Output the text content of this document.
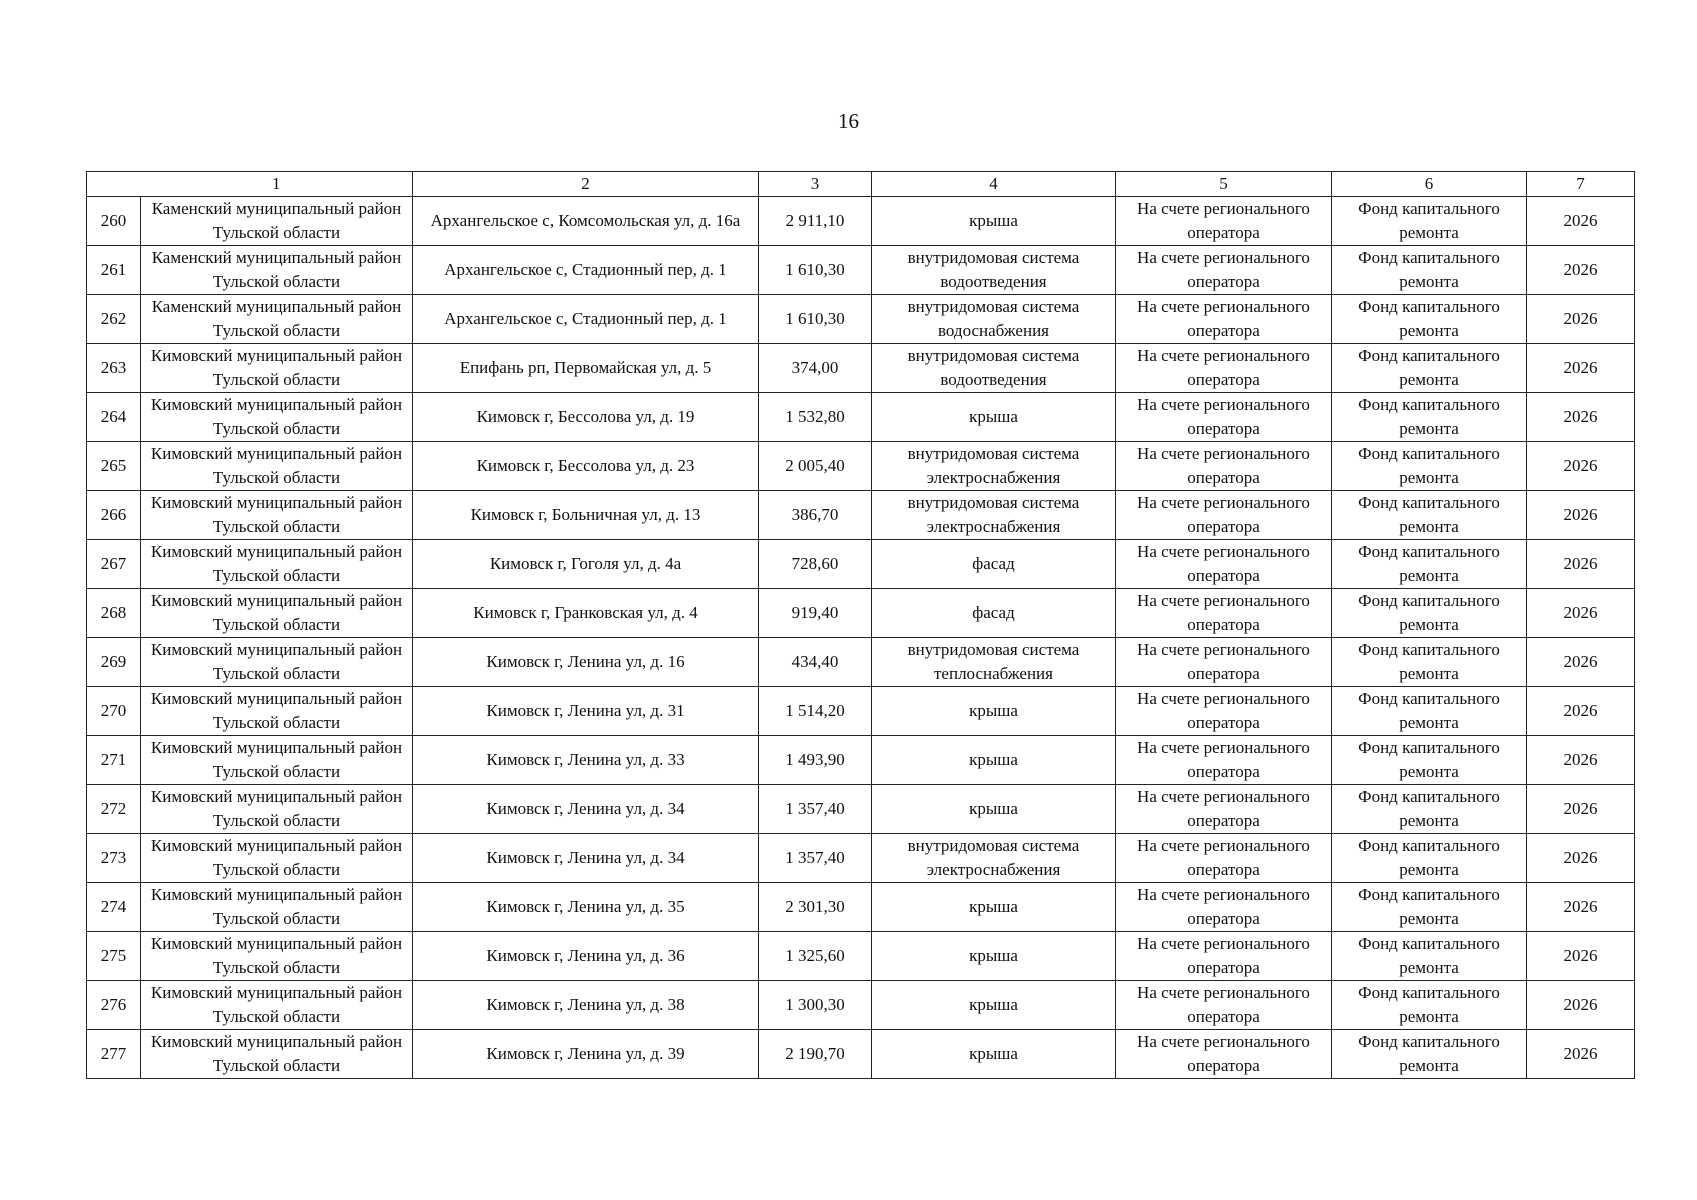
16
	1	2	3	4	5	6	7
260	Каменский муниципальный район Тульской области	Архангельское с, Комсомольская ул, д. 16а	2 911,10	крыша	На счете регионального оператора	Фонд капитального ремонта	2026
261	Каменский муниципальный район Тульской области	Архангельское с, Стадионный пер, д. 1	1 610,30	внутридомовая система водоотведения	На счете регионального оператора	Фонд капитального ремонта	2026
262	Каменский муниципальный район Тульской области	Архангельское с, Стадионный пер, д. 1	1 610,30	внутридомовая система водоснабжения	На счете регионального оператора	Фонд капитального ремонта	2026
263	Кимовский муниципальный район Тульской области	Епифань рп, Первомайская ул, д. 5	374,00	внутридомовая система водоотведения	На счете регионального оператора	Фонд капитального ремонта	2026
264	Кимовский муниципальный район Тульской области	Кимовск г, Бессолова ул, д. 19	1 532,80	крыша	На счете регионального оператора	Фонд капитального ремонта	2026
265	Кимовский муниципальный район Тульской области	Кимовск г, Бессолова ул, д. 23	2 005,40	внутридомовая система электроснабжения	На счете регионального оператора	Фонд капитального ремонта	2026
266	Кимовский муниципальный район Тульской области	Кимовск г, Больничная ул, д. 13	386,70	внутридомовая система электроснабжения	На счете регионального оператора	Фонд капитального ремонта	2026
267	Кимовский муниципальный район Тульской области	Кимовск г, Гоголя ул, д. 4а	728,60	фасад	На счете регионального оператора	Фонд капитального ремонта	2026
268	Кимовский муниципальный район Тульской области	Кимовск г, Гранковская ул, д. 4	919,40	фасад	На счете регионального оператора	Фонд капитального ремонта	2026
269	Кимовский муниципальный район Тульской области	Кимовск г, Ленина ул, д. 16	434,40	внутридомовая система теплоснабжения	На счете регионального оператора	Фонд капитального ремонта	2026
270	Кимовский муниципальный район Тульской области	Кимовск г, Ленина ул, д. 31	1 514,20	крыша	На счете регионального оператора	Фонд капитального ремонта	2026
271	Кимовский муниципальный район Тульской области	Кимовск г, Ленина ул, д. 33	1 493,90	крыша	На счете регионального оператора	Фонд капитального ремонта	2026
272	Кимовский муниципальный район Тульской области	Кимовск г, Ленина ул, д. 34	1 357,40	крыша	На счете регионального оператора	Фонд капитального ремонта	2026
273	Кимовский муниципальный район Тульской области	Кимовск г, Ленина ул, д. 34	1 357,40	внутридомовая система электроснабжения	На счете регионального оператора	Фонд капитального ремонта	2026
274	Кимовский муниципальный район Тульской области	Кимовск г, Ленина ул, д. 35	2 301,30	крыша	На счете регионального оператора	Фонд капитального ремонта	2026
275	Кимовский муниципальный район Тульской области	Кимовск г, Ленина ул, д. 36	1 325,60	крыша	На счете регионального оператора	Фонд капитального ремонта	2026
276	Кимовский муниципальный район Тульской области	Кимовск г, Ленина ул, д. 38	1 300,30	крыша	На счете регионального оператора	Фонд капитального ремонта	2026
277	Кимовский муниципальный район Тульской области	Кимовск г, Ленина ул, д. 39	2 190,70	крыша	На счете регионального оператора	Фонд капитального ремонта	2026
